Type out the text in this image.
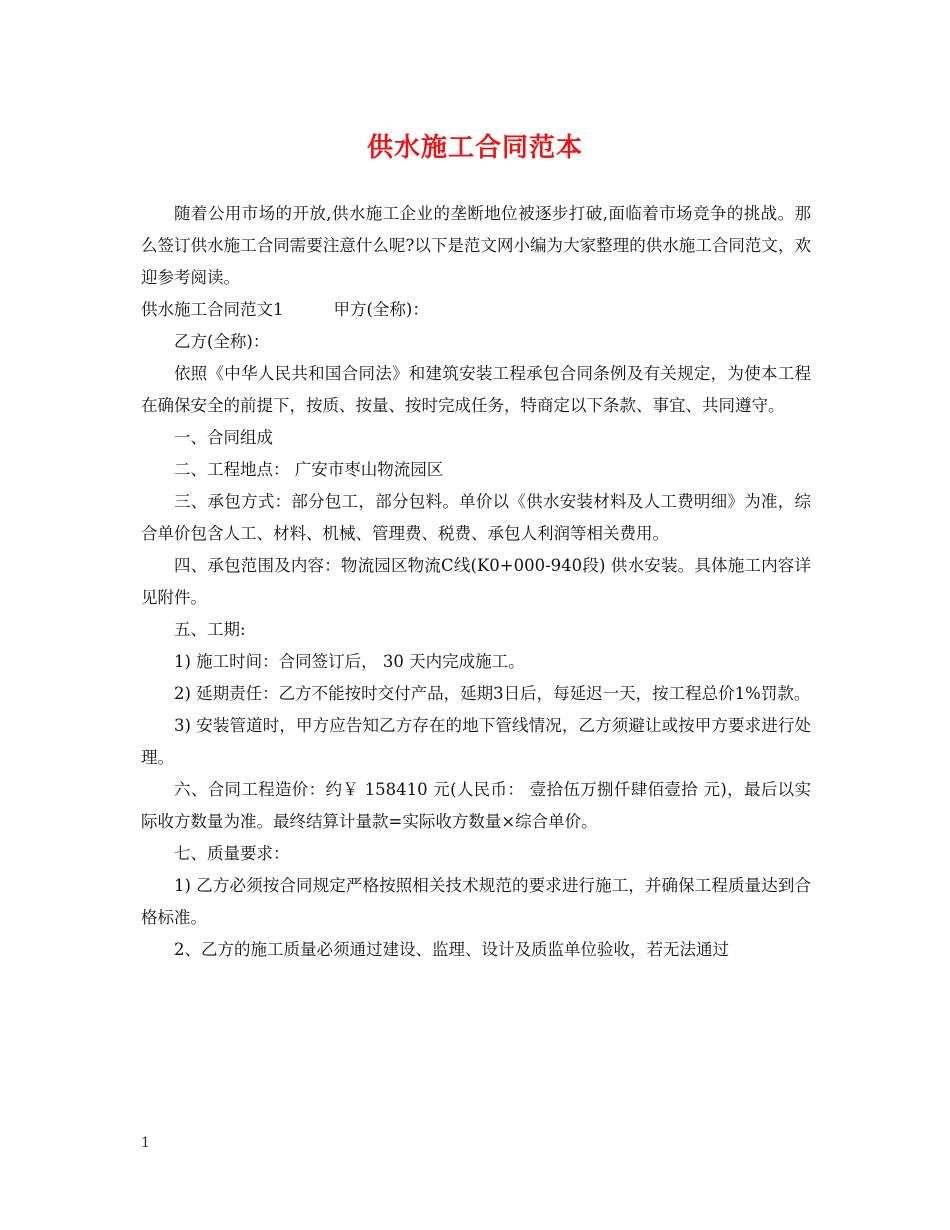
供水施工合同范本

随着公用市场的开放,供水施工企业的垄断地位被逐步打破,面临着市场竞争的挑战。那么签订供水施工合同需要注意什么呢?以下是范文网小编为大家整理的供水施工合同范文，欢迎参考阅读。

供水施工合同范文1	甲方(全称)：

乙方(全称)：

依照《中华人民共和国合同法》和建筑安装工程承包合同条例及有关规定，为使本工程在确保安全的前提下，按质、按量、按时完成任务，特商定以下条款、事宜、共同遵守。

一、合同组成

二、工程地点： 广安市枣山物流园区

三、承包方式：部分包工，部分包料。单价以《供水安装材料及人工费明细》为准，综合单价包含人工、材料、机械、管理费、税费、承包人利润等相关费用。

四、承包范围及内容：物流园区物流C线(K0+000-940段) 供水安装。具体施工内容详见附件。

五、工期:

1) 施工时间：合同签订后， 30 天内完成施工。

2) 延期责任：乙方不能按时交付产品，延期3日后，每延迟一天，按工程总价1%罚款。

3) 安装管道时，甲方应告知乙方存在的地下管线情况，乙方须避让或按甲方要求进行处理。

六、合同工程造价：约￥ 158410 元(人民币： 壹拾伍万捌仟肆佰壹拾 元)，最后以实际收方数量为准。最终结算计量款=实际收方数量×综合单价。

七、质量要求：

1) 乙方必须按合同规定严格按照相关技术规范的要求进行施工，并确保工程质量达到合格标准。

2、乙方的施工质量必须通过建设、监理、设计及质监单位验收，若无法通过

1
